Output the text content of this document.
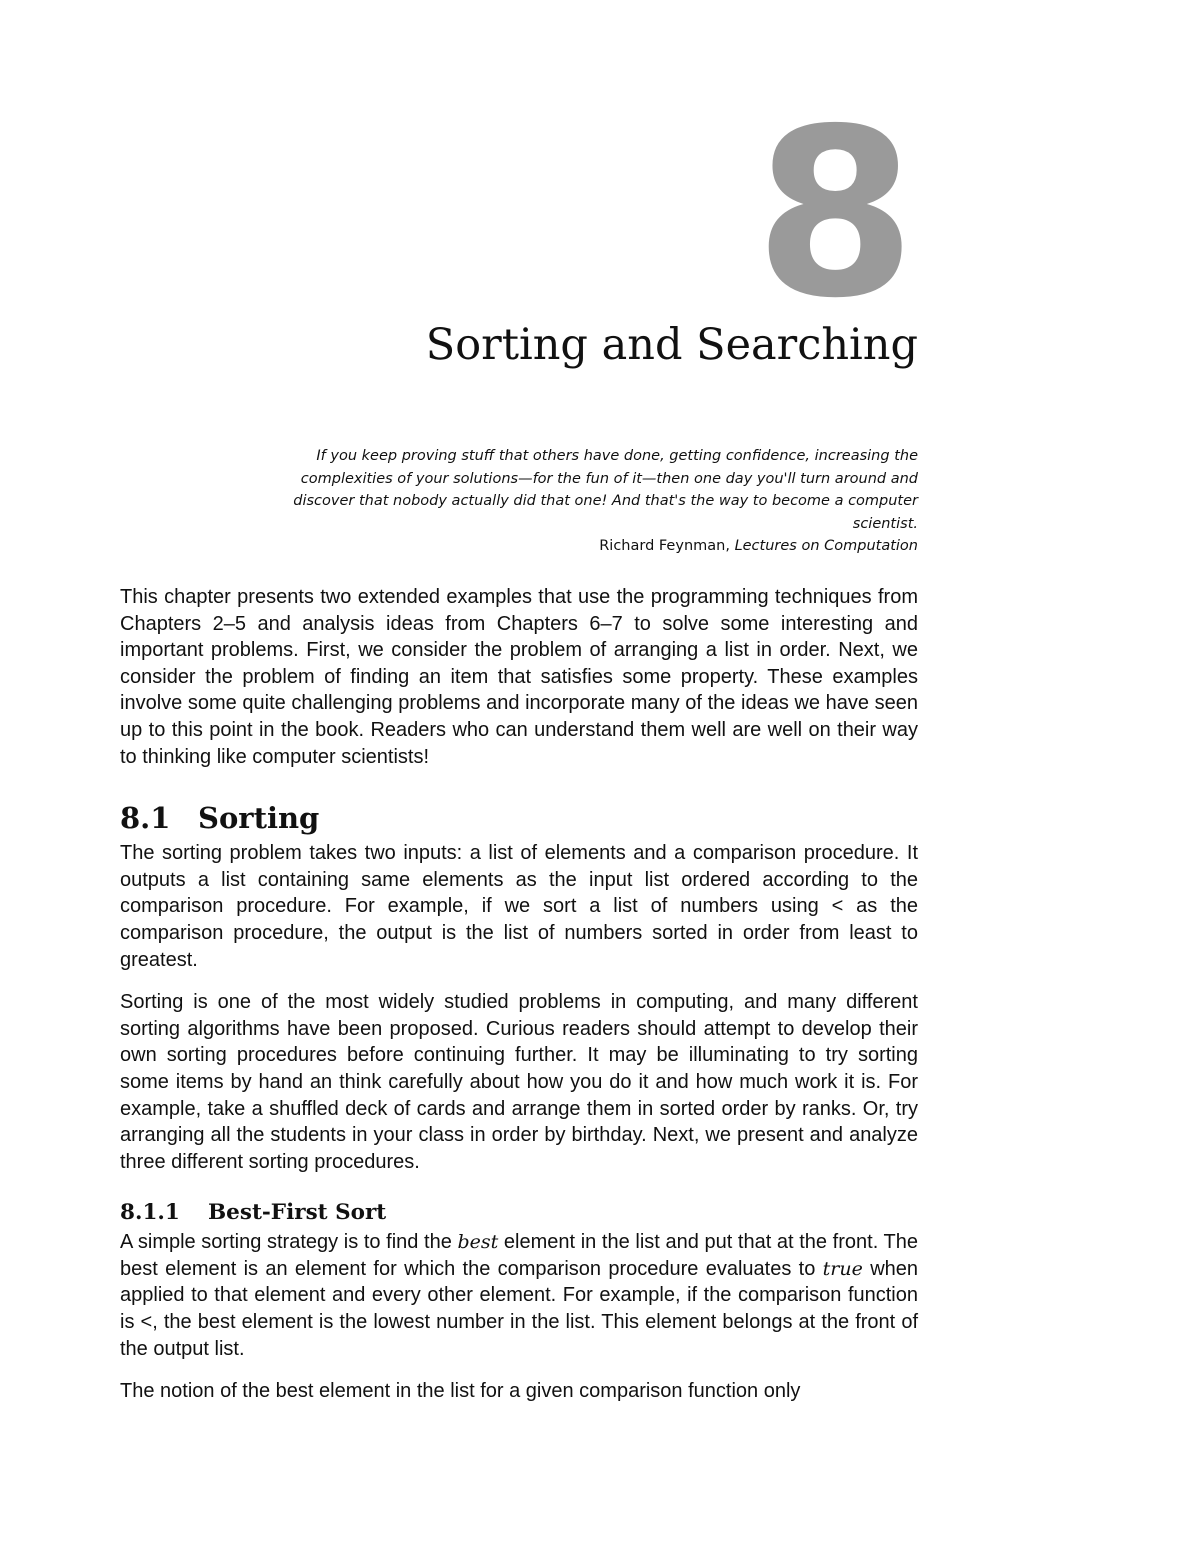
8
Sorting and Searching

If you keep proving stuff that others have done, getting confidence, increasing the complexities of your solutions—for the fun of it—then one day you'll turn around and discover that nobody actually did that one! And that's the way to become a computer scientist.

Richard Feynman, Lectures on Computation

This chapter presents two extended examples that use the programming techniques from Chapters 2–5 and analysis ideas from Chapters 6–7 to solve some interesting and important problems. First, we consider the problem of arranging a list in order. Next, we consider the problem of finding an item that satisfies some property. These examples involve some quite challenging problems and incorporate many of the ideas we have seen up to this point in the book. Readers who can understand them well are well on their way to thinking like computer scientists!

8.1 Sorting

The sorting problem takes two inputs: a list of elements and a comparison procedure. It outputs a list containing same elements as the input list ordered according to the comparison procedure. For example, if we sort a list of numbers using < as the comparison procedure, the output is the list of numbers sorted in order from least to greatest.

Sorting is one of the most widely studied problems in computing, and many different sorting algorithms have been proposed. Curious readers should attempt to develop their own sorting procedures before continuing further. It may be illuminating to try sorting some items by hand an think carefully about how you do it and how much work it is. For example, take a shuffled deck of cards and arrange them in sorted order by ranks. Or, try arranging all the students in your class in order by birthday. Next, we present and analyze three different sorting procedures.

8.1.1 Best-First Sort

A simple sorting strategy is to find the best element in the list and put that at the front. The best element is an element for which the comparison procedure evaluates to true when applied to that element and every other element. For example, if the comparison function is <, the best element is the lowest number in the list. This element belongs at the front of the output list.

The notion of the best element in the list for a given comparison function only
